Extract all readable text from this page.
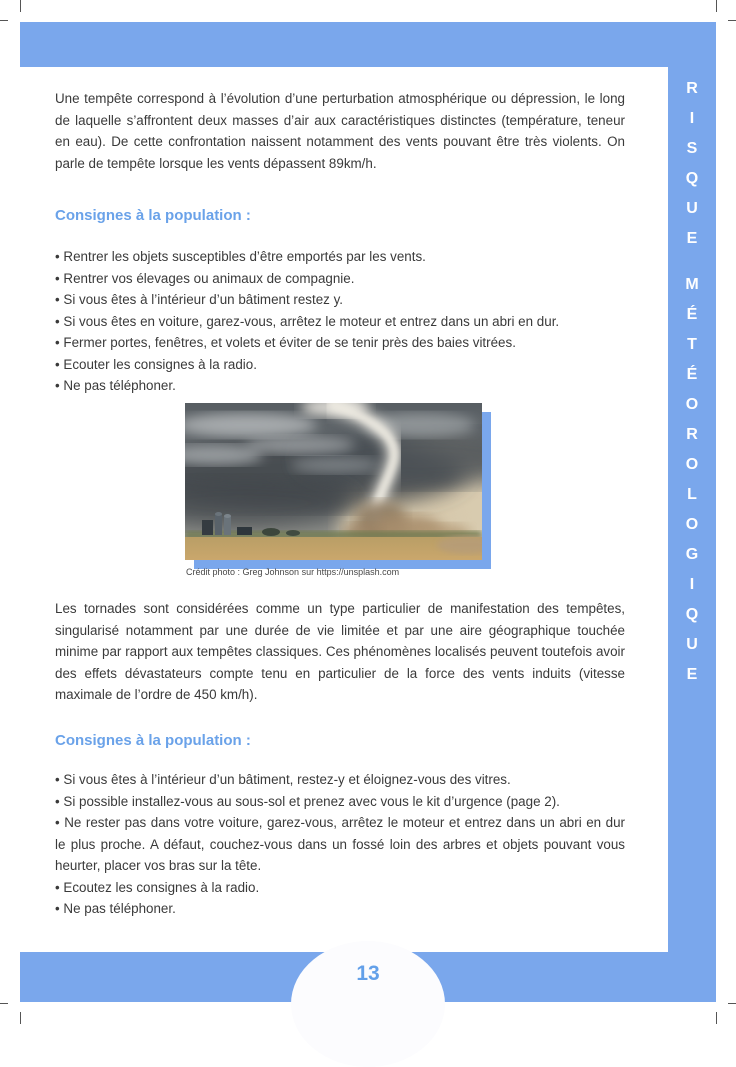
R
I
S
Q
U
E
M
É
T
É
O
R
O
L
O
G
I
Q
U
E
Une tempête correspond à l’évolution d’une perturbation atmosphérique ou dépression, le long de laquelle s’affrontent deux masses d’air aux caractéristiques distinctes (température, teneur en eau). De cette confrontation naissent notamment des vents pouvant être très violents. On parle de tempête lorsque les vents dépassent 89km/h.
Consignes à la population :
• Rentrer les objets susceptibles d’être emportés par les vents.
• Rentrer vos élevages ou animaux de compagnie.
• Si vous êtes à l’intérieur d’un bâtiment restez y.
• Si vous êtes en voiture, garez-vous, arrêtez le moteur et entrez dans un abri en dur.
• Fermer portes, fenêtres, et volets et éviter de se tenir près des baies vitrées.
• Ecouter les consignes à la radio.
• Ne pas téléphoner.
Crédit photo : Greg Johnson sur https://unsplash.com
Les tornades sont considérées comme un type particulier de manifestation des tempêtes, singularisé notamment par une durée de vie limitée et par une aire géographique touchée minime par rapport aux tempêtes classiques. Ces phénomènes localisés peuvent toutefois avoir des effets dévastateurs compte tenu en particulier de la force des vents induits (vitesse maximale de l’ordre de 450 km/h).
Consignes à la population :
• Si vous êtes à l’intérieur d’un bâtiment, restez-y et éloignez-vous des vitres.
• Si possible installez-vous au sous-sol et prenez avec vous le kit d’urgence (page 2).
• Ne rester pas dans votre voiture, garez-vous, arrêtez le moteur et entrez dans un abri en dur le plus proche. A défaut, couchez-vous dans un fossé loin des arbres et objets pouvant vous heurter, placer vos bras sur la tête.
• Ecoutez les consignes à la radio.
• Ne pas téléphoner.
13
